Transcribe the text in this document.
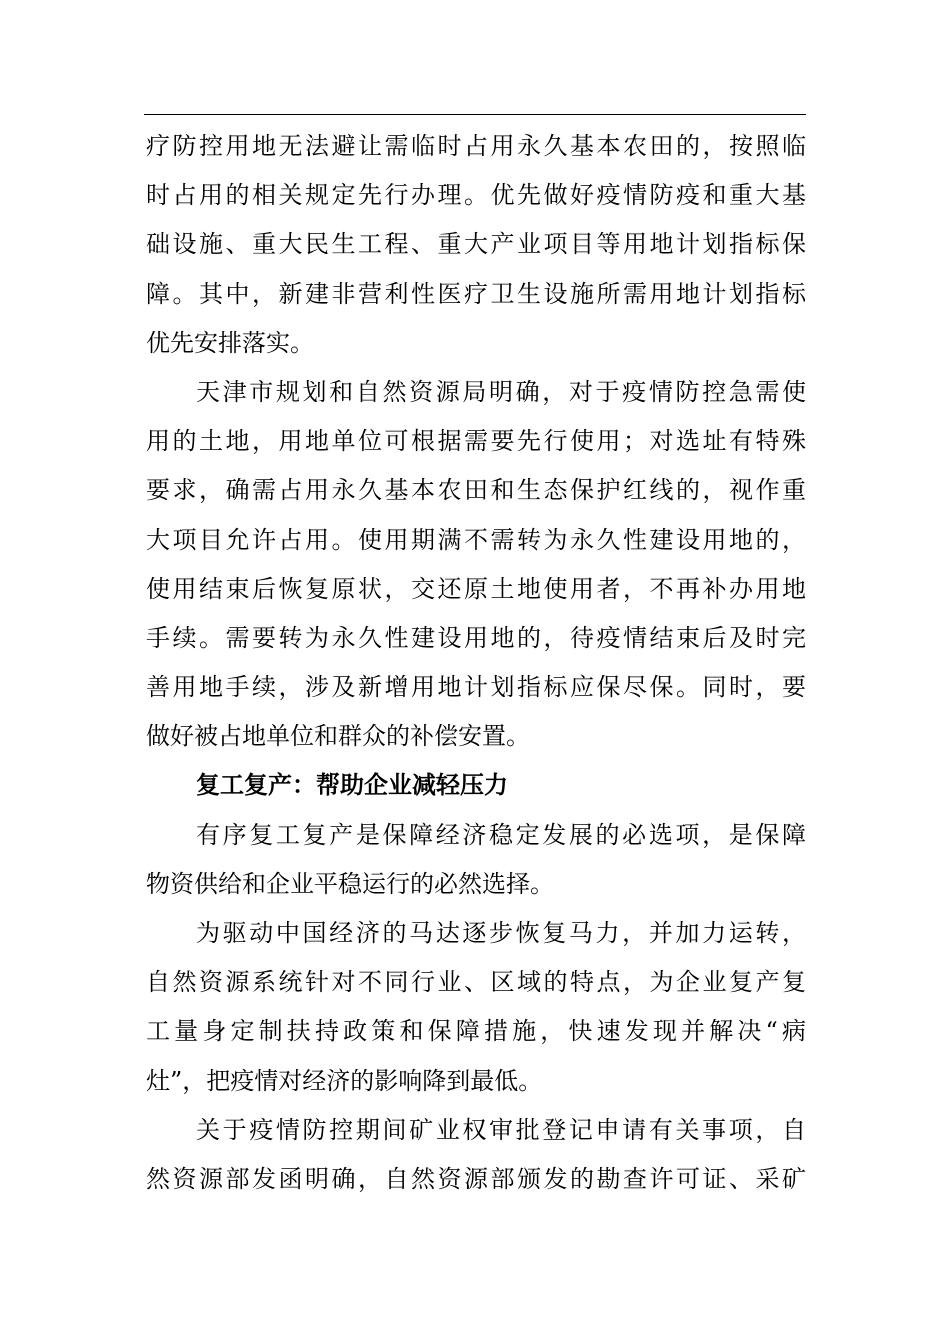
疗防控用地无法避让需临时占用永久基本农田的，按照临
时占用的相关规定先行办理。优先做好疫情防疫和重大基
础设施、重大民生工程、重大产业项目等用地计划指标保
障。其中，新建非营利性医疗卫生设施所需用地计划指标
优先安排落实。
天津市规划和自然资源局明确，对于疫情防控急需使
用的土地，用地单位可根据需要先行使用；对选址有特殊
要求，确需占用永久基本农田和生态保护红线的，视作重
大项目允许占用。使用期满不需转为永久性建设用地的，
使用结束后恢复原状，交还原土地使用者，不再补办用地
手续。需要转为永久性建设用地的，待疫情结束后及时完
善用地手续，涉及新增用地计划指标应保尽保。同时，要
做好被占地单位和群众的补偿安置。
复工复产：帮助企业减轻压力
有序复工复产是保障经济稳定发展的必选项，是保障
物资供给和企业平稳运行的必然选择。
为驱动中国经济的马达逐步恢复马力，并加力运转，
自然资源系统针对不同行业、区域的特点，为企业复产复
工量身定制扶持政策和保障措施，快速发现并解决“病
灶”，把疫情对经济的影响降到最低。
关于疫情防控期间矿业权审批登记申请有关事项，自
然资源部发函明确，自然资源部颁发的勘查许可证、采矿
